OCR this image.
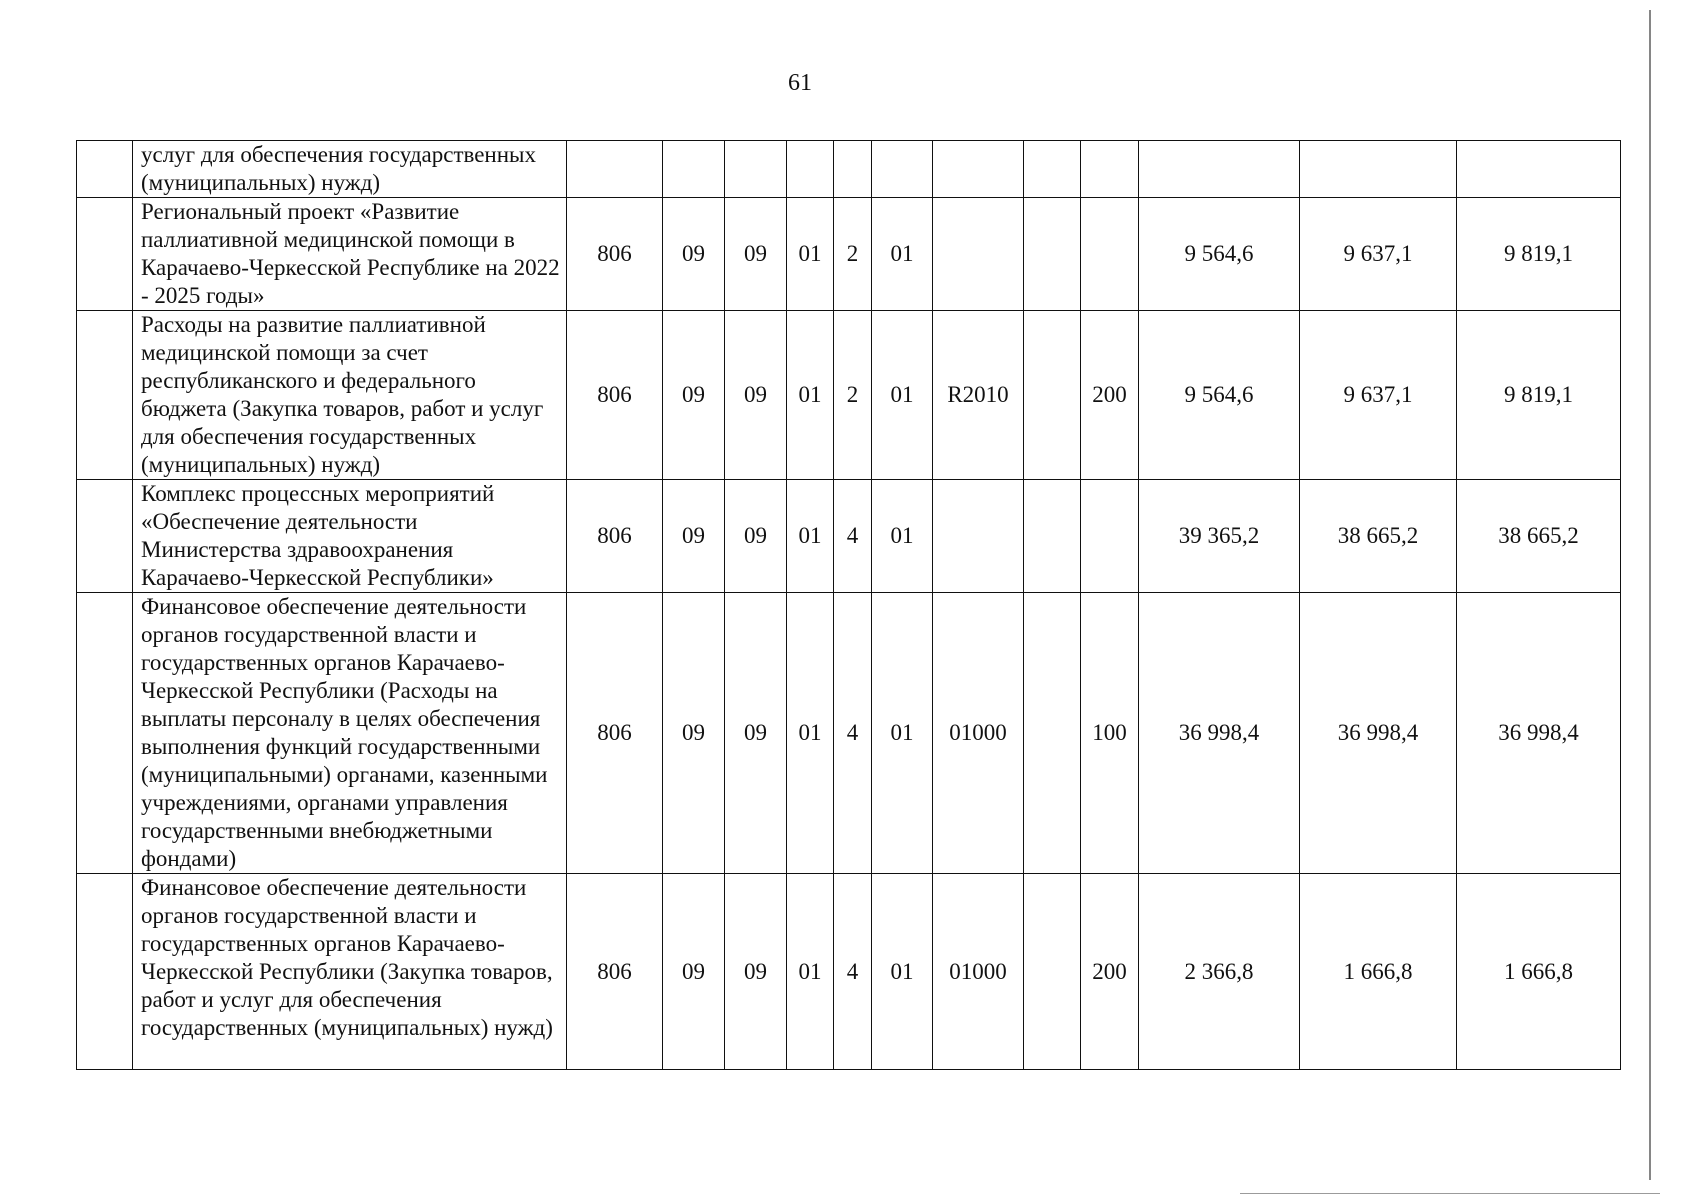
61
	услуг для обеспечения государственных (муниципальных) нужд)												
	Региональный проект «Развитие паллиативной медицинской помощи в Карачаево-Черкесской Республике на 2022 - 2025 годы»	806	09	09	01	2	01				9 564,6	9 637,1	9 819,1
	Расходы на развитие паллиативной медицинской помощи за счет республиканского и федерального бюджета (Закупка товаров, работ и услуг для обеспечения государственных (муниципальных) нужд)	806	09	09	01	2	01	R2010		200	9 564,6	9 637,1	9 819,1
	Комплекс процессных мероприятий «Обеспечение деятельности Министерства здравоохранения Карачаево-Черкесской Республики»	806	09	09	01	4	01				39 365,2	38 665,2	38 665,2
	Финансовое обеспечение деятельности органов государственной власти и государственных органов Карачаево-Черкесской Республики (Расходы на выплаты персоналу в целях обеспечения выполнения функций государственными (муниципальными) органами, казенными учреждениями, органами управления государственными внебюджетными фондами)	806	09	09	01	4	01	01000		100	36 998,4	36 998,4	36 998,4
	Финансовое обеспечение деятельности органов государственной власти и государственных органов Карачаево-Черкесской Республики (Закупка товаров, работ и услуг для обеспечения государственных (муниципальных) нужд)	806	09	09	01	4	01	01000		200	2 366,8	1 666,8	1 666,8
